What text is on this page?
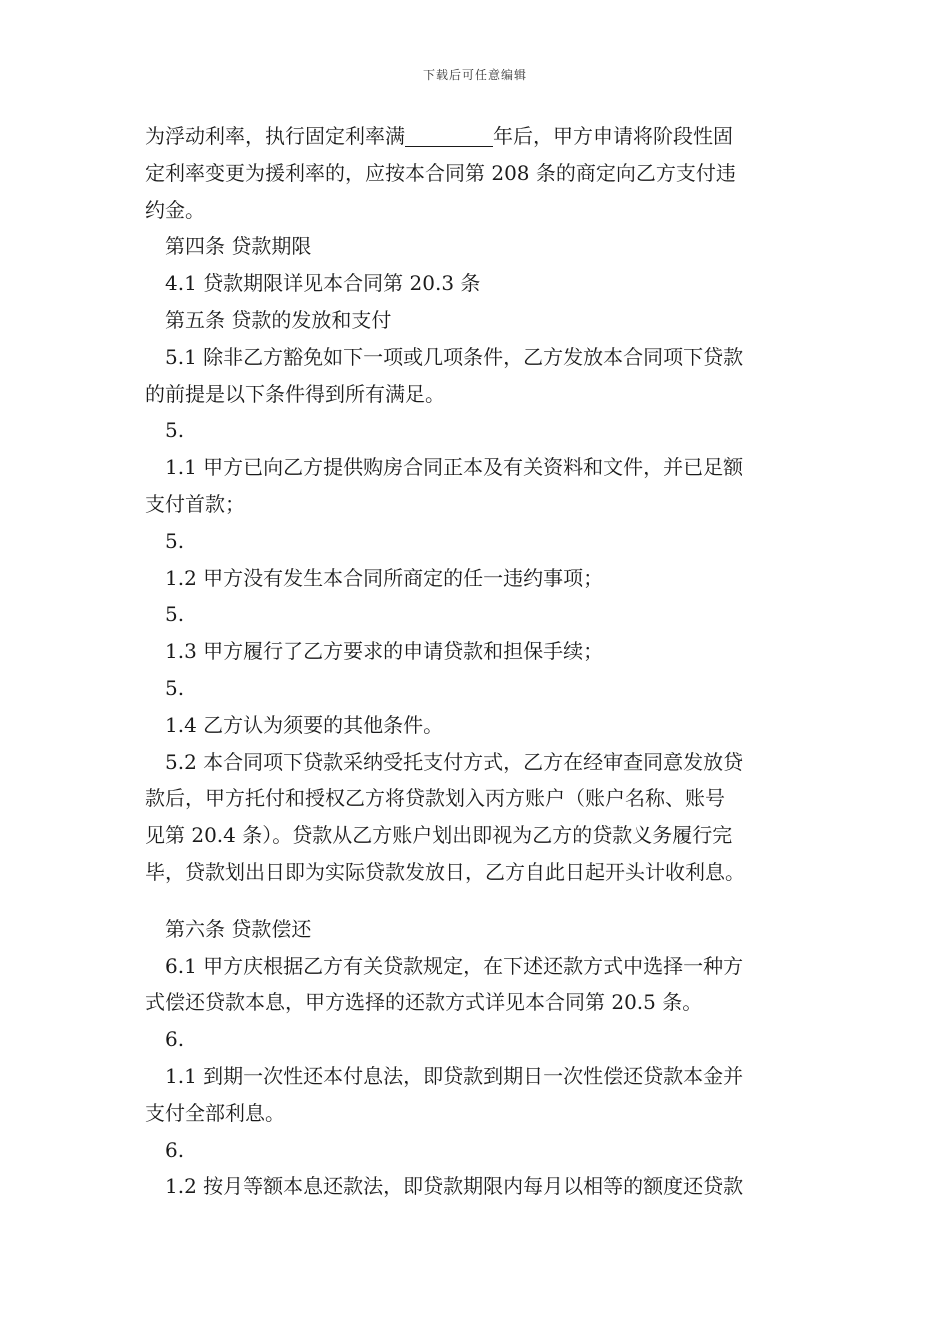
下载后可任意编辑
为浮动利率，执行固定利率满	年后，甲方申请将阶段性固
定利率变更为援利率的，应按本合同第 208 条的商定向乙方支付违
约金。
第四条 贷款期限
4.1 贷款期限详见本合同第 20.3 条
第五条 贷款的发放和支付
5.1 除非乙方豁免如下一项或几项条件，乙方发放本合同项下贷款
的前提是以下条件得到所有满足。
5.
1.1 甲方已向乙方提供购房合同正本及有关资料和文件，并已足额
支付首款；
5.
1.2 甲方没有发生本合同所商定的任一违约事项；
5.
1.3 甲方履行了乙方要求的申请贷款和担保手续；
5.
1.4 乙方认为须要的其他条件。
5.2 本合同项下贷款采纳受托支付方式，乙方在经审查同意发放贷
款后，甲方托付和授权乙方将贷款划入丙方账户（账户名称、账号
见第 20.4 条）。贷款从乙方账户划出即视为乙方的贷款义务履行完
毕，贷款划出日即为实际贷款发放日，乙方自此日起开头计收利息。
第六条 贷款偿还
6.1 甲方庆根据乙方有关贷款规定，在下述还款方式中选择一种方
式偿还贷款本息，甲方选择的还款方式详见本合同第 20.5 条。
6.
1.1 到期一次性还本付息法，即贷款到期日一次性偿还贷款本金并
支付全部利息。
6.
1.2 按月等额本息还款法，即贷款期限内每月以相等的额度还贷款
